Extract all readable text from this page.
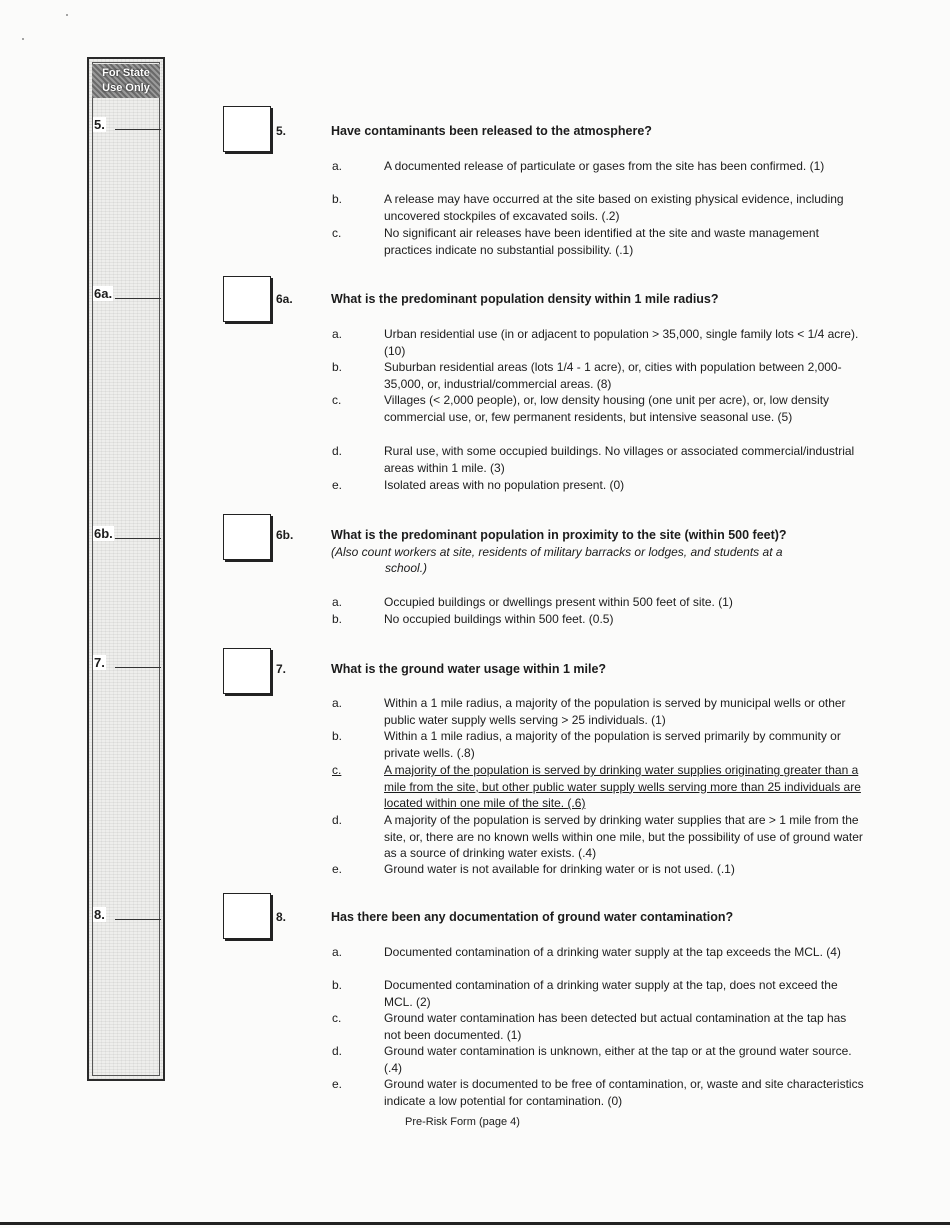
For State Use Only
5.
6a.
6b.
7.
8.
5.	Have contaminants been released to the atmosphere?
a.	A documented release of particulate or gases from the site has been confirmed. (1)
b.	A release may have occurred at the site based on existing physical evidence, including uncovered stockpiles of excavated soils. (.2)
c.	No significant air releases have been identified at the site and waste management practices indicate no substantial possibility. (.1)
6a.	What is the predominant population density within 1 mile radius?
a.	Urban residential use (in or adjacent to population > 35,000, single family lots < 1/4 acre). (10)
b.	Suburban residential areas (lots 1/4 - 1 acre), or, cities with population between 2,000-35,000, or, industrial/commercial areas. (8)
c.	Villages (< 2,000 people), or, low density housing (one unit per acre), or, low density commercial use, or, few permanent residents, but intensive seasonal use. (5)
d.	Rural use, with some occupied buildings. No villages or associated commercial/industrial areas within 1 mile. (3)
e.	Isolated areas with no population present. (0)
6b.	What is the predominant population in proximity to the site (within 500 feet)?
(Also count workers at site, residents of military barracks or lodges, and students at a
school.)
a.	Occupied buildings or dwellings present within 500 feet of site. (1)
b.	No occupied buildings within 500 feet. (0.5)
7.	What is the ground water usage within 1 mile?
a.	Within a 1 mile radius, a majority of the population is served by municipal wells or other public water supply wells serving > 25 individuals. (1)
b.	Within a 1 mile radius, a majority of the population is served primarily by community or private wells. (.8)
c.	A majority of the population is served by drinking water supplies originating greater than a mile from the site, but other public water supply wells serving more than 25 individuals are located within one mile of the site. (.6)
d.	A majority of the population is served by drinking water supplies that are > 1 mile from the site, or, there are no known wells within one mile, but the possibility of use of ground water as a source of drinking water exists. (.4)
e.	Ground water is not available for drinking water or is not used. (.1)
8.	Has there been any documentation of ground water contamination?
a.	Documented contamination of a drinking water supply at the tap exceeds the MCL. (4)
b.	Documented contamination of a drinking water supply at the tap, does not exceed the MCL. (2)
c.	Ground water contamination has been detected but actual contamination at the tap has not been documented. (1)
d.	Ground water contamination is unknown, either at the tap or at the ground water source. (.4)
e.	Ground water is documented to be free of contamination, or, waste and site characteristics indicate a low potential for contamination. (0)
Pre-Risk Form (page 4)
